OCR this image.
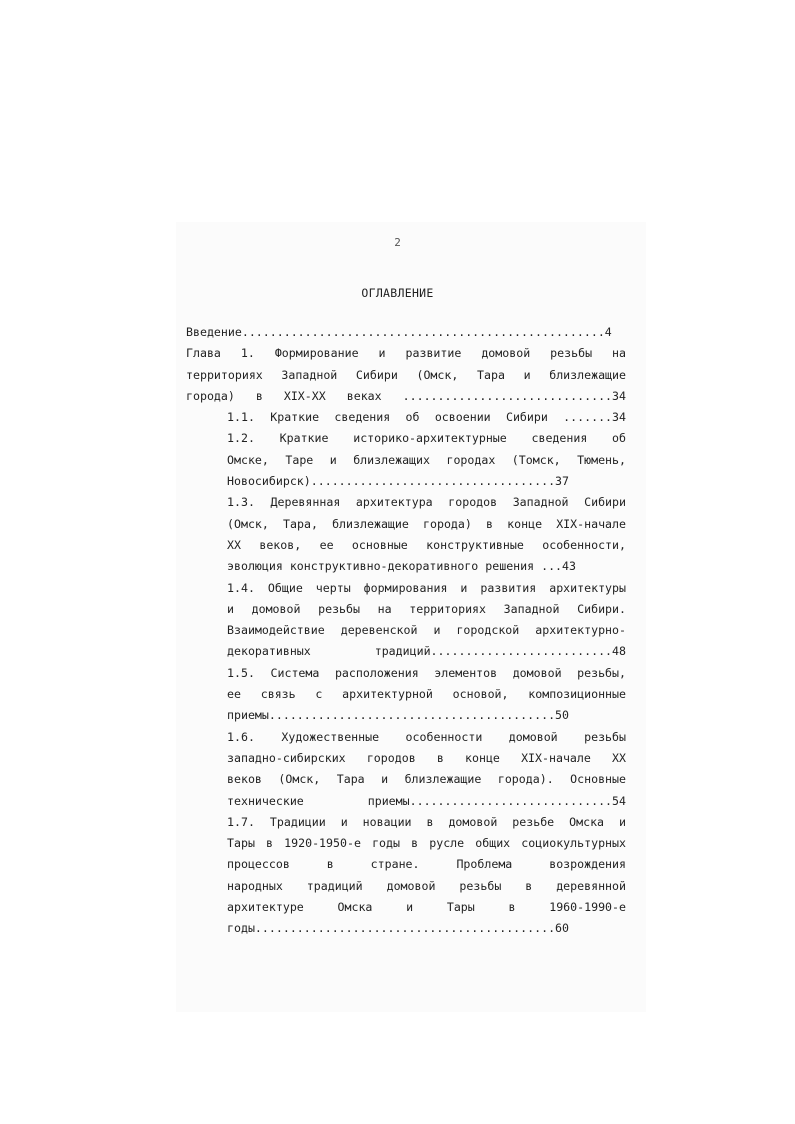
2
ОГЛАВЛЕНИЕ
Введение....................................................4
Глава 1. Формирование и развитие домовой резьбы на
территориях Западной Сибири (Омск, Тара и близлежащие
города) в XIX-XX веках ..............................34
1.1. Краткие сведения об освоении Сибири .......34
1.2. Краткие историко-архитектурные сведения об
Омске, Таре и близлежащих городах (Томск, Тюмень,
Новосибирск)...................................37
1.3. Деревянная архитектура городов Западной Сибири
(Омск, Тара, близлежащие города) в конце XIX-начале
XX веков, ее основные конструктивные особенности,
эволюция конструктивно-декоративного решения ...43
1.4. Общие черты формирования и развития архитектуры
и домовой резьбы на территориях Западной Сибири.
Взаимодействие деревенской и городской архитектурно-
декоративных традиций..........................48
1.5. Система расположения элементов домовой резьбы,
ее связь с архитектурной основой, композиционные
приемы.........................................50
1.6. Художественные особенности домовой резьбы
западно-сибирских городов в конце XIX-начале XX
веков (Омск, Тара и близлежащие города). Основные
технические приемы.............................54
1.7. Традиции и новации в домовой резьбе Омска и
Тары в 1920-1950-е годы в русле общих социокультурных
процессов в стране. Проблема возрождения
народных традиций домовой резьбы в деревянной
архитектуре Омска и Тары в 1960-1990-е
годы...........................................60
